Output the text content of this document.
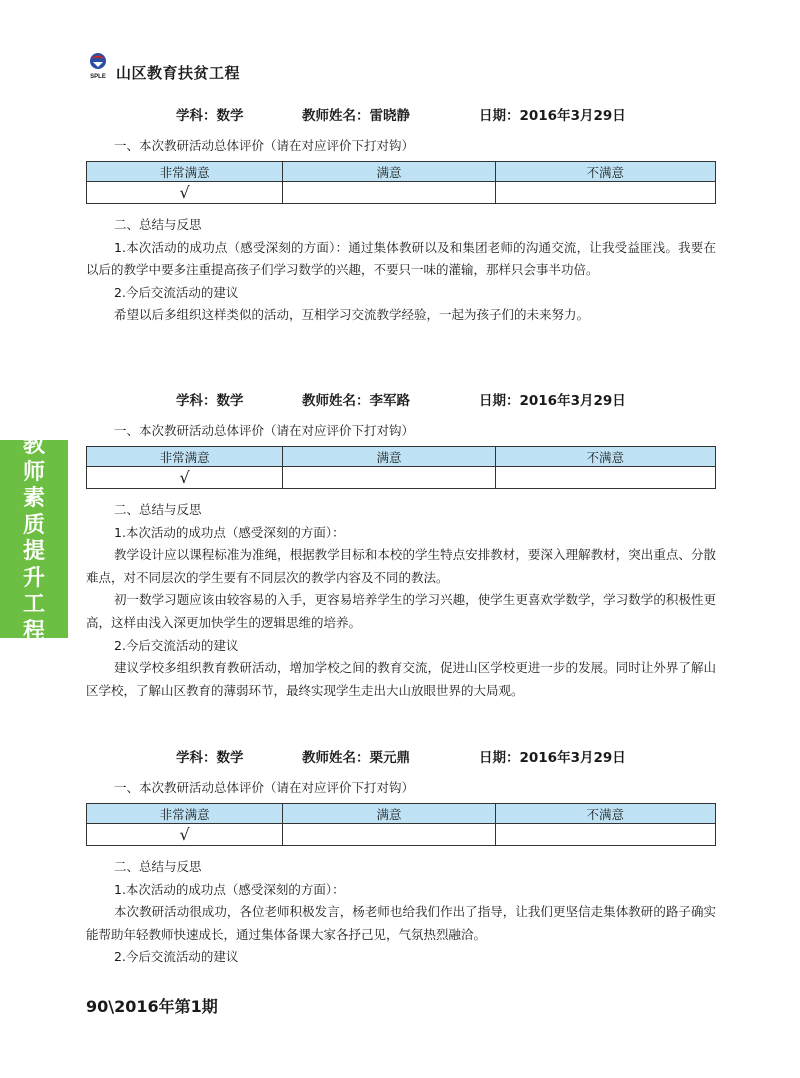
SPLE 山区教育扶贫工程
教
师
素
质
提
升
工
程
学科：数学	教师姓名：雷晓静	日期：2016年3月29日
一、本次教研活动总体评价（请在对应评价下打对钩）
非常满意	满意	不满意
√		

二、总结与反思

1.本次活动的成功点（感受深刻的方面）：通过集体教研以及和集团老师的沟通交流，让我受益匪浅。我要在以后的教学中要多注重提高孩子们学习数学的兴趣，不要只一味的灌输，那样只会事半功倍。

2.今后交流活动的建议

希望以后多组织这样类似的活动，互相学习交流教学经验，一起为孩子们的未来努力。

学科：数学	教师姓名：李军路	日期：2016年3月29日
一、本次教研活动总体评价（请在对应评价下打对钩）
非常满意	满意	不满意
√		

二、总结与反思

1.本次活动的成功点（感受深刻的方面）：

教学设计应以课程标准为准绳，根据教学目标和本校的学生特点安排教材，要深入理解教材，突出重点、分散难点，对不同层次的学生要有不同层次的教学内容及不同的教法。

初一数学习题应该由较容易的入手，更容易培养学生的学习兴趣，使学生更喜欢学数学，学习数学的积极性更高，这样由浅入深更加快学生的逻辑思维的培养。

2.今后交流活动的建议

建议学校多组织教育教研活动，增加学校之间的教育交流，促进山区学校更进一步的发展。同时让外界了解山区学校，了解山区教育的薄弱环节，最终实现学生走出大山放眼世界的大局观。

学科：数学	教师姓名：栗元鼎	日期：2016年3月29日
一、本次教研活动总体评价（请在对应评价下打对钩）
非常满意	满意	不满意
√		

二、总结与反思

1.本次活动的成功点（感受深刻的方面）：

本次教研活动很成功，各位老师积极发言，杨老师也给我们作出了指导，让我们更坚信走集体教研的路子确实能帮助年轻教师快速成长，通过集体备课大家各抒己见，气氛热烈融洽。

2.今后交流活动的建议

90\2016年第1期
